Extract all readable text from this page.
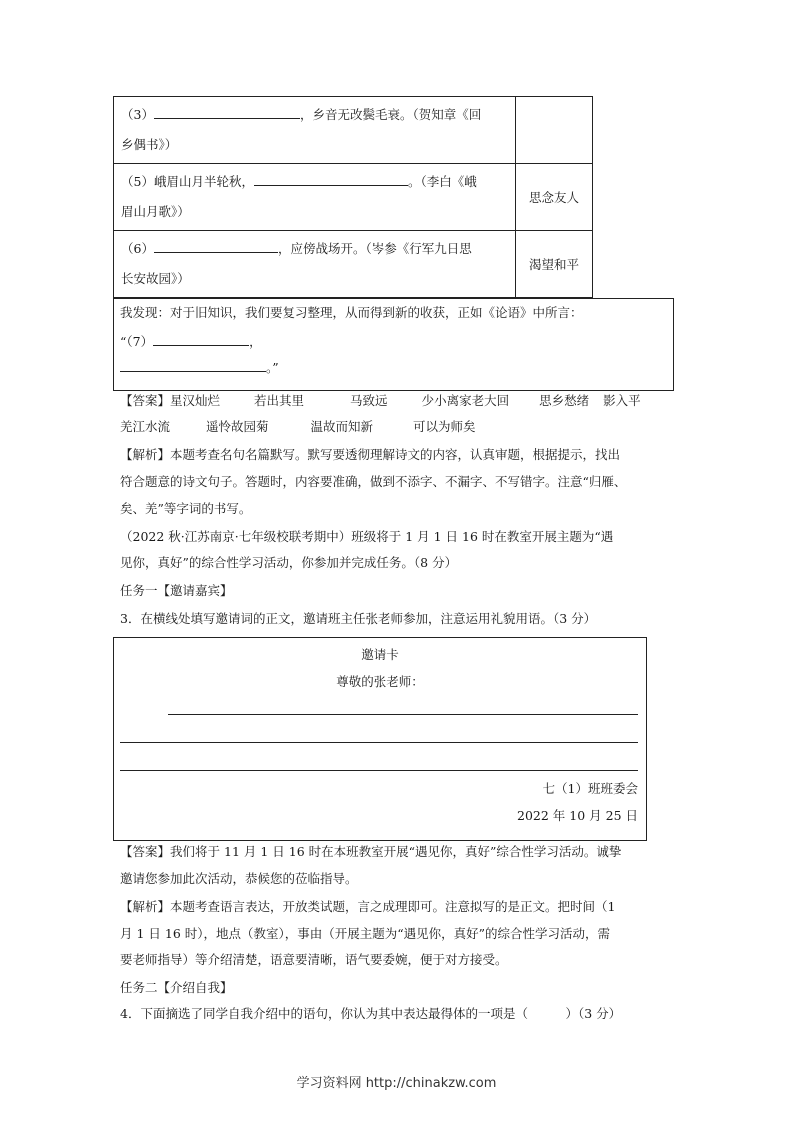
（3） ，乡音无改鬓毛衰。（贺知章《回
乡偶书》）	
（5）峨眉山月半轮秋， 。（李白《峨
眉山月歌》）	思念友人
（6） ，应傍战场开。（岑参《行军九日思
长安故园》）	渴望和平
我发现：对于旧知识，我们要复习整理，从而得到新的收获，正如《论语》中所言：
“（7）	，
。”
【答案】星汉灿烂	若出其里	马致远	少小离家老大回 思乡愁绪 影入平
羌江水流	遥怜故园菊	温故而知新	可以为师矣
【解析】本题考查名句名篇默写。默写要透彻理解诗文的内容，认真审题，根据提示，找出
符合题意的诗文句子。答题时，内容要准确，做到不添字、不漏字、不写错字。注意“归雁、
矣、羌”等字词的书写。
（2022 秋·江苏南京·七年级校联考期中）班级将于 1 月 1 日 16 时在教室开展主题为“遇
见你，真好”的综合性学习活动，你参加并完成任务。（8 分）
任务一【邀请嘉宾】
3．在横线处填写邀请词的正文，邀请班主任张老师参加，注意运用礼貌用语。（3 分）
邀请卡
尊敬的张老师：
七（1）班班委会
2022 年 10 月 25 日
【答案】我们将于 11 月 1 日 16 时在本班教室开展“遇见你，真好”综合性学习活动。诚挚
邀请您参加此次活动，恭候您的莅临指导。
【解析】本题考查语言表达，开放类试题，言之成理即可。注意拟写的是正文。把时间（1
月 1 日 16 时），地点（教室），事由（开展主题为“遇见你，真好”的综合性学习活动，需
要老师指导）等介绍清楚，语意要清晰，语气要委婉，便于对方接受。
任务二【介绍自我】
4．下面摘选了同学自我介绍中的语句，你认为其中表达最得体的一项是（　　　）（3 分）
学习资料网 http://chinakzw.com
